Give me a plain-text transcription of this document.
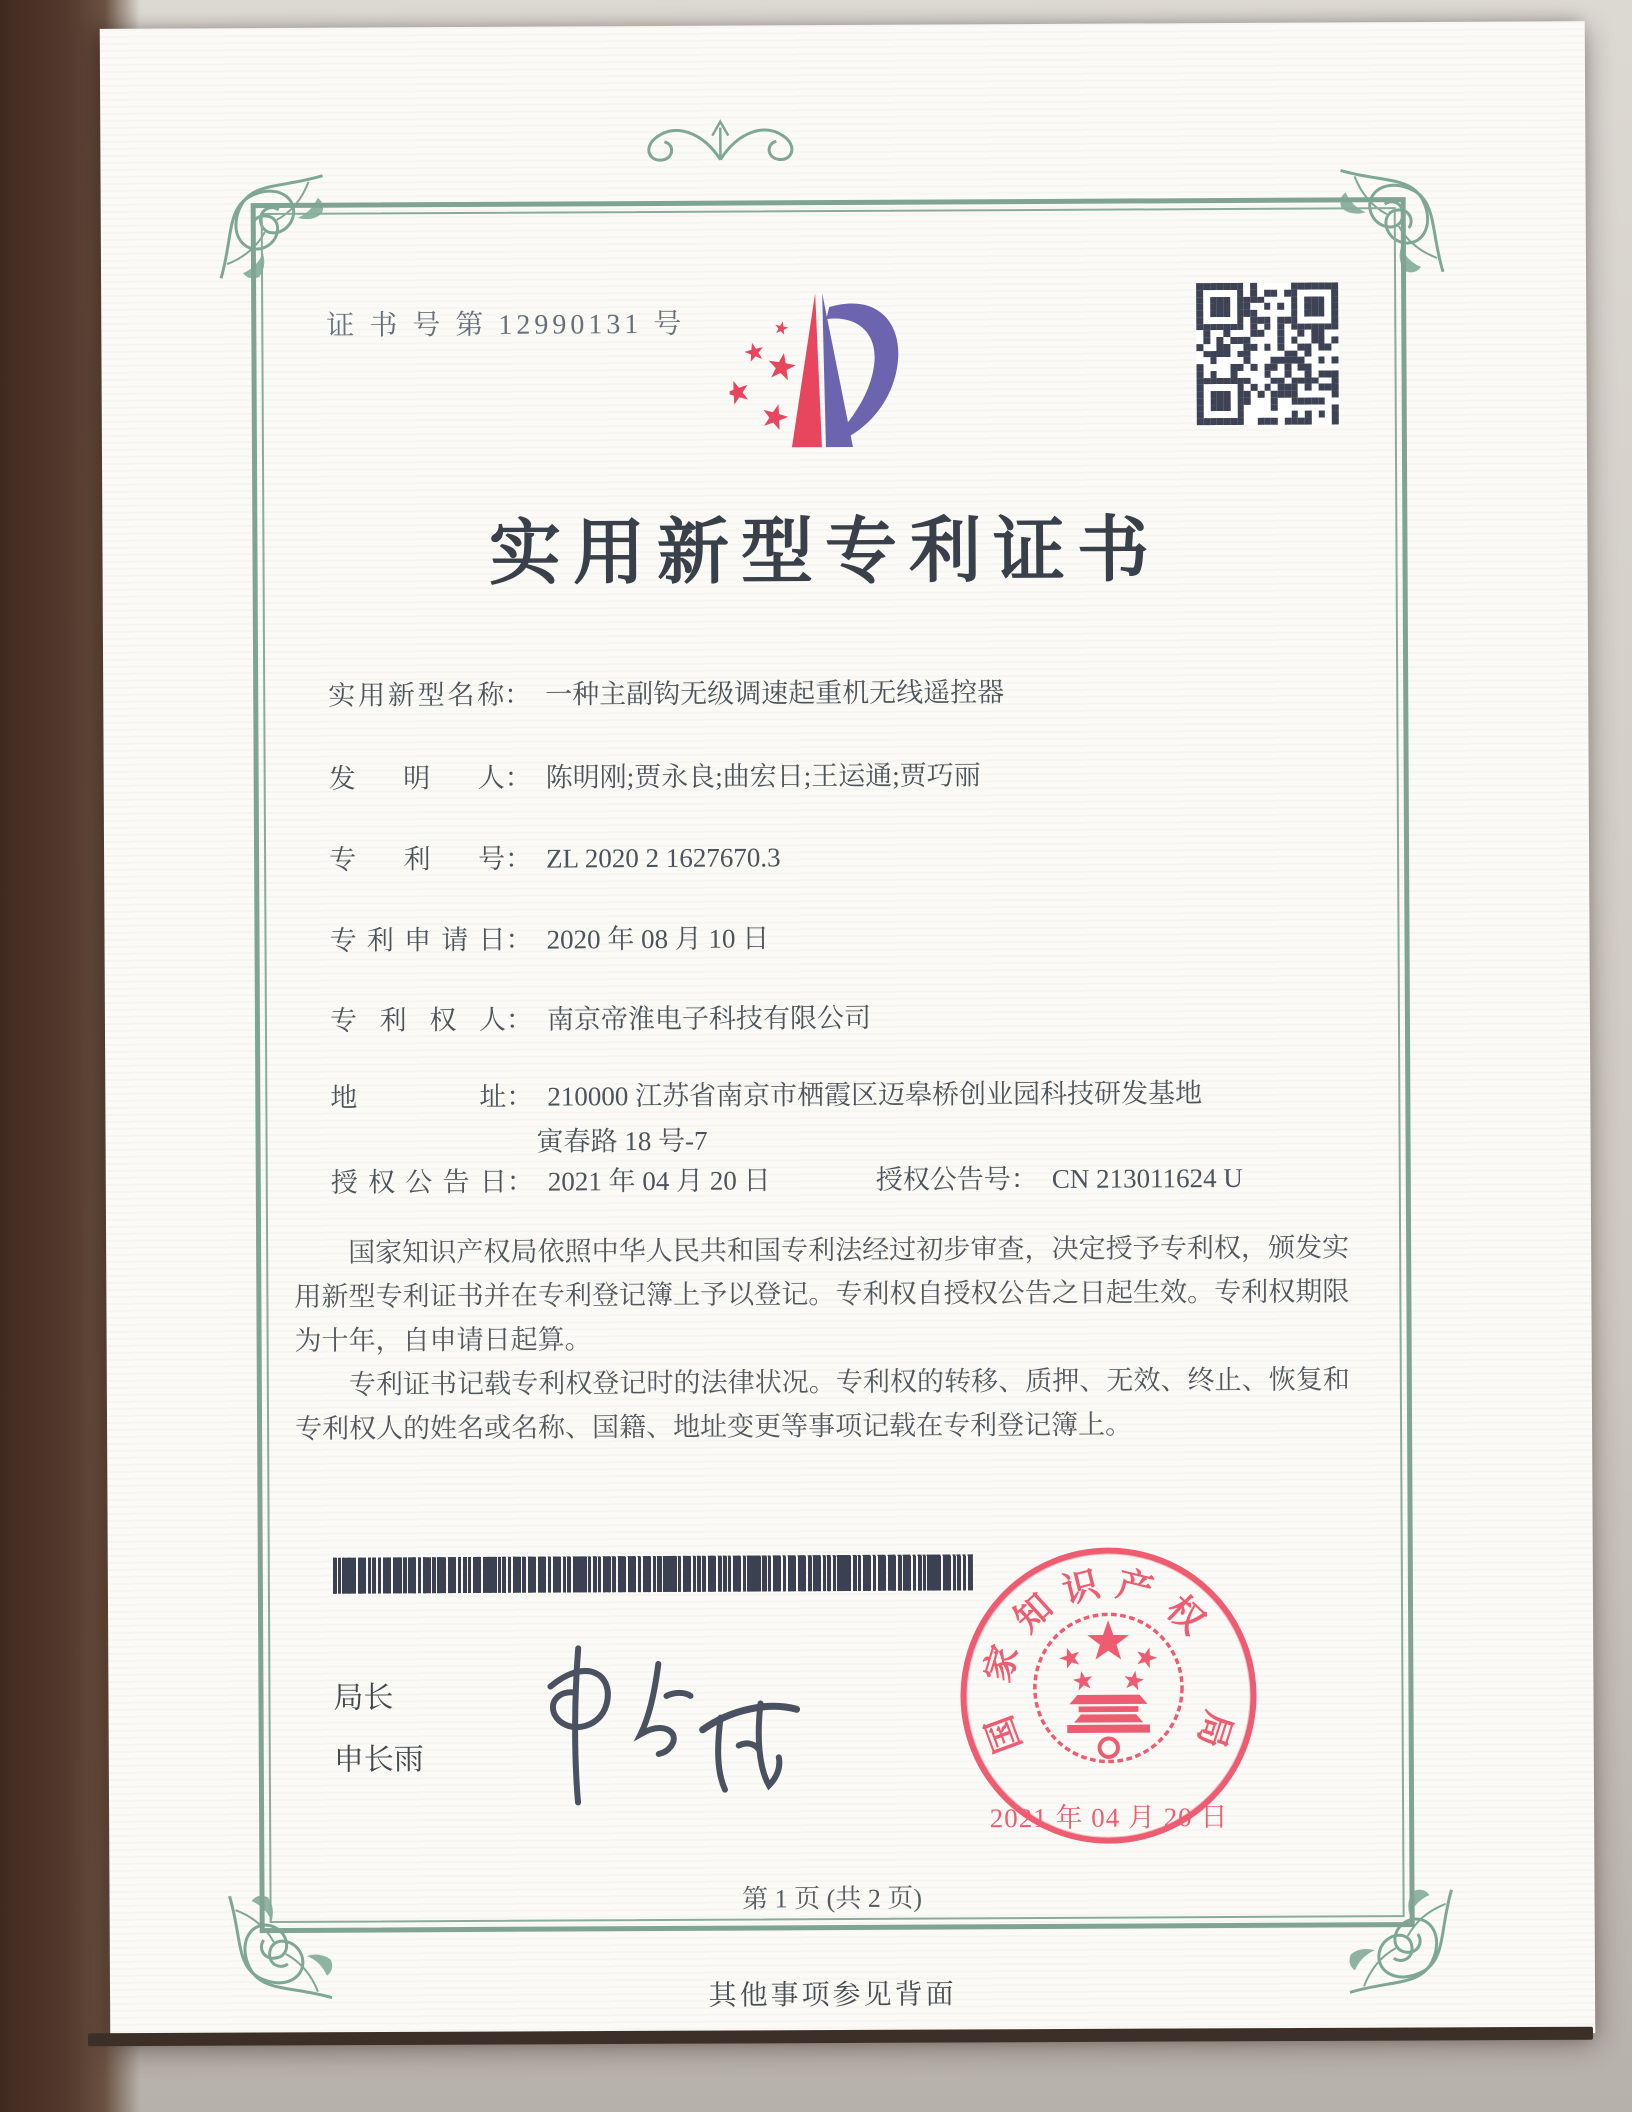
证 书 号 第 12990131 号
实用新型专利证书
实用新型名称： 一种主副钩无级调速起重机无线遥控器
发明人： 陈明刚;贾永良;曲宏日;王运通;贾巧丽
专利号： ZL 2020 2 1627670.3
专利申请日： 2020 年 08 月 10 日
专利权人： 南京帝淮电子科技有限公司
地址： 210000 江苏省南京市栖霞区迈皋桥创业园科技研发基地
寅春路 18 号-7
授权公告日： 2021 年 04 月 20 日	授权公告号： CN 213011624 U

国家知识产权局依照中华人民共和国专利法经过初步审查，决定授予专利权，颁发实用新型专利证书并在专利登记簿上予以登记。专利权自授权公告之日起生效。专利权期限为十年，自申请日起算。

专利证书记载专利权登记时的法律状况。专利权的转移、质押、无效、终止、恢复和专利权人的姓名或名称、国籍、地址变更等事项记载在专利登记簿上。

局长
申长雨
国
家
知
识 产
权
局
2021 年 04 月 20 日
第 1 页 (共 2 页)
其他事项参见背面
